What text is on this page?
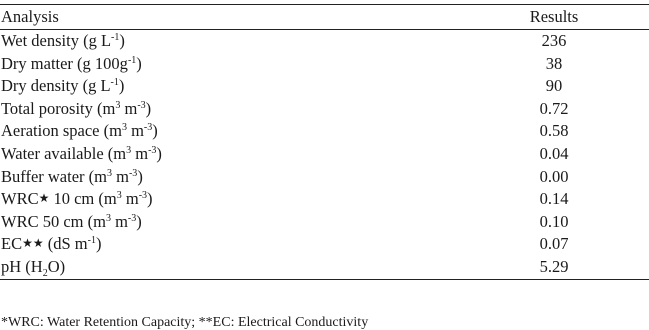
Analysis	Results
Wet density (g $L^{-1}$)	236
Dry matter (g $100g^{-1}$)	38
Dry density (g $L^{-1}$)	90
Total porosity ($m^3$ $m^{-3}$)	0.72
Aeration space ($m^3$ $m^{-3}$)	0.58
Water available ($m^3$ $m^{-3}$)	0.04
Buffer water ($m^3$ $m^{-3}$)	0.00
WRC★ 10 cm ($m^3$ $m^{-3}$)	0.14
WRC 50 cm ($m^3$ $m^{-3}$)	0.10
EC★★ (dS $m^{-1}$)	0.07
pH $(H_2O)$	5.29
*WRC: Water Retention Capacity; **EC: Electrical Conductivity
